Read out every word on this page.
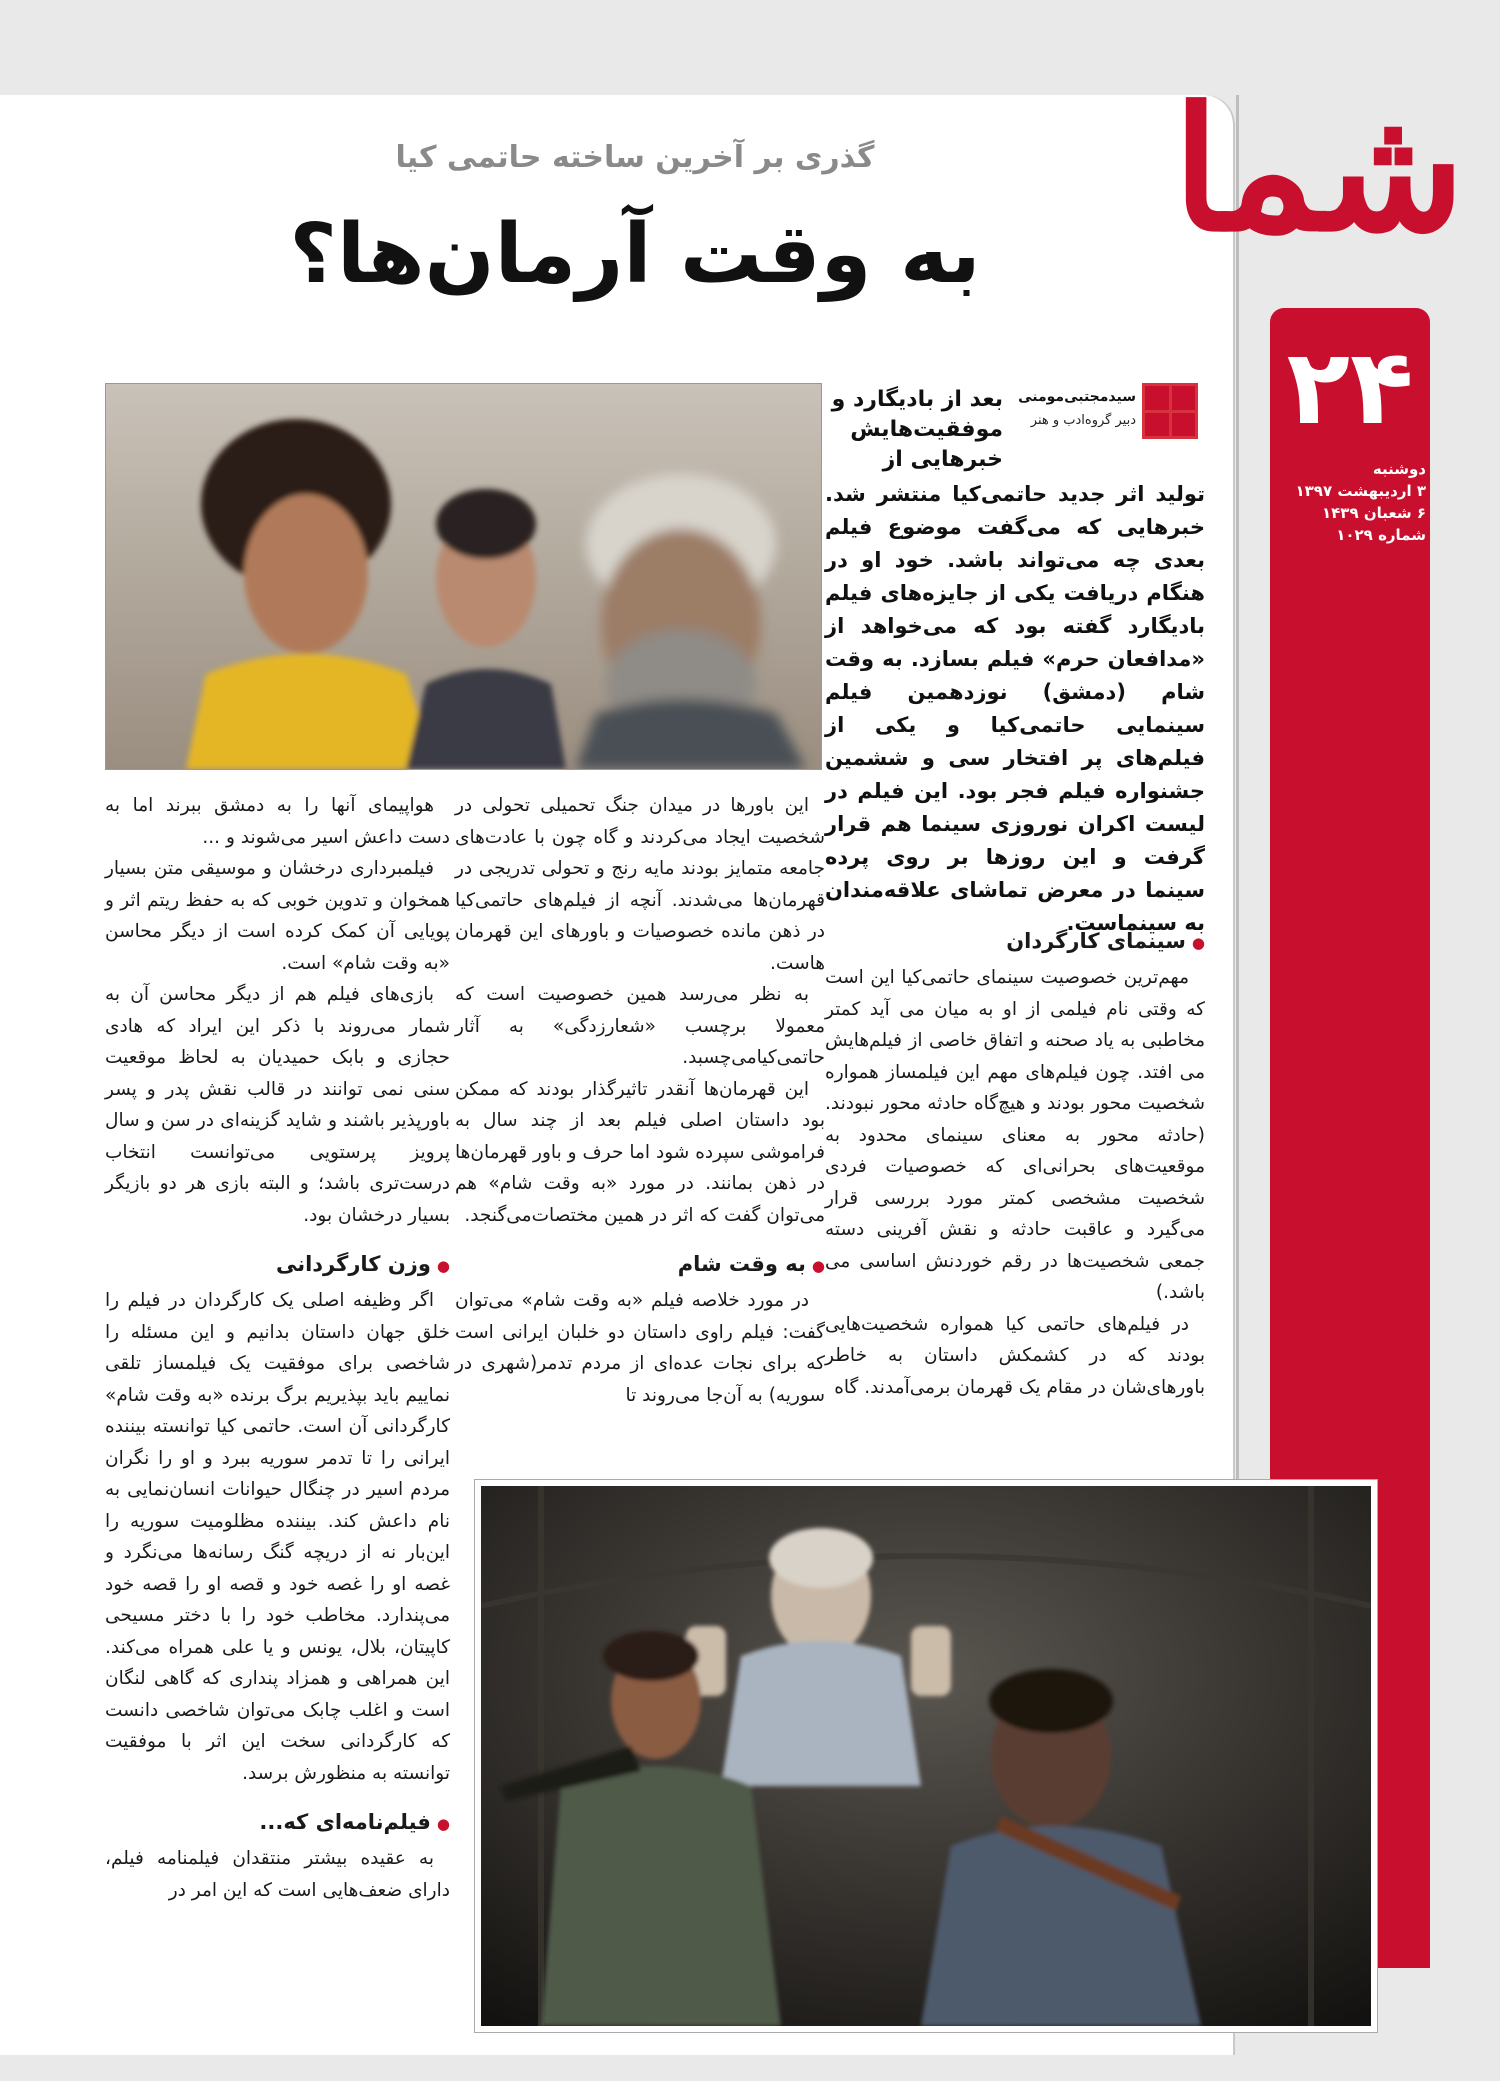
شما
۲۴
دوشنبه
۳ اردیبهشت ۱۳۹۷
۶ شعبان ۱۴۳۹
شماره ۱۰۲۹
گذری بر آخرین ساخته حاتمی کیا
به وقت آرمان‌ها؟
سیدمجتبی‌مومنی
دبیر گروه‌ادب و هنر
بعد از بادیگارد و موفقیت‌هایش خبرهایی از
تولید اثر جدید حاتمی‌کیا منتشر شد. خبرهایی که می‌گفت موضوع فیلم بعدی چه می‌تواند باشد. خود او در هنگام دریافت یکی از جایزه‌های فیلم بادیگارد گفته بود که می‌خواهد از «مدافعان حرم» فیلم بسازد. به وقت شام (دمشق) نوزدهمین فیلم سینمایی حاتمی‌کیا و یکی از فیلم‌های پر افتخار سی و ششمین جشنواره فیلم فجر بود. این فیلم در لیست اکران نوروزی سینما هم قرار گرفت و این روزها بر روی پرده سینما در معرض تماشای علاقه‌مندان به سینماست.
● سینمای کارگردان

مهم‌ترین خصوصیت سینمای حاتمی‌کیا این است که وقتی نام فیلمی از او به میان می آید کمتر مخاطبی به یاد صحنه و اتفاق خاصی از فیلم‌هایش می افتد. چون فیلم‌های مهم این فیلمساز همواره شخصیت محور بودند و هیچ‌گاه حادثه محور نبودند. (حادثه محور به معنای سینمای محدود به موقعیت‌های بحرانی‌ای که خصوصیات فردی شخصیت مشخصی کمتر مورد بررسی قرار می‌گیرد و عاقبت حادثه و نقش آفرینی دسته جمعی شخصیت‌ها در رقم خوردنش اساسی می باشد.)

در فیلم‌های حاتمی کیا همواره شخصیت‌هایی بودند که در کشمکش داستان به خاطر باورهای‌شان در مقام یک قهرمان برمی‌آمدند. گاه

این باورها در میدان جنگ تحمیلی تحولی در شخصیت ایجاد می‌کردند و گاه چون با عادت‌های جامعه متمایز بودند مایه رنج و تحولی تدریجی در قهرمان‌ها می‌شدند. آنچه از فیلم‌های حاتمی‌کیا در ذهن مانده خصوصیات و باورهای این قهرمان هاست.

به نظر می‌رسد همین خصوصیت است که معمولا برچسب «شعارزدگی» به آثار حاتمی‌کیامی‌چسبد.

این قهرمان‌ها آنقدر تاثیرگذار بودند که ممکن بود داستان اصلی فیلم بعد از چند سال به فراموشی سپرده شود اما حرف و باور قهرمان‌ها در ذهن بمانند. در مورد «به وقت شام» هم می‌توان گفت که اثر در همین مختصات‌می‌گنجد.

● به وقت شام

در مورد خلاصه فیلم «به وقت شام» می‌توان گفت: فیلم راوی داستان دو خلبان ایرانی است که برای نجات عده‌ای از مردم تدمر(شهری در سوریه) به آن‌جا می‌روند تا

هواپیمای آنها را به دمشق ببرند اما به دست داعش اسیر می‌شوند و ...

فیلمبرداری درخشان و موسیقی متن بسیار همخوان و تدوین خوبی که به حفظ ریتم اثر و پویایی آن کمک کرده است از دیگر محاسن «به وقت شام» است.

بازی‌های فیلم هم از دیگر محاسن آن به شمار می‌روند با ذکر این ایراد که هادی حجازی و بابک حمیدیان به لحاظ موقعیت سنی نمی توانند در قالب نقش پدر و پسر باورپذیر باشند و شاید گزینه‌ای در سن و سال پرویز پرستویی می‌توانست انتخاب درست‌تری باشد؛ و البته بازی هر دو بازیگر بسیار درخشان بود.

● وزن کارگردانی

اگر وظیفه اصلی یک کارگردان در فیلم را خلق جهان داستان بدانیم و این مسئله را شاخصی برای موفقیت یک فیلمساز تلقی نماییم باید بپذیریم برگ برنده «به وقت شام» کارگردانی آن است. حاتمی کیا توانسته بیننده ایرانی را تا تدمر سوریه ببرد و او را نگران مردم اسیر در چنگال حیوانات انسان‌نمایی به نام داعش کند. بیننده مظلومیت سوریه را این‌بار نه از دریچه گنگ رسانه‌ها می‌نگرد و غصه او را غصه خود و قصه او را قصه خود می‌پندارد. مخاطب خود را با دختر مسیحی کاپیتان، بلال، یونس و یا علی همراه می‌کند. این همراهی و همزاد پنداری که گاهی لنگان است و اغلب چابک می‌توان شاخصی دانست که کارگردانی سخت این اثر با موفقیت توانسته به منظورش برسد.

● فیلم‌نامه‌ای که...

به عقیده بیشتر منتقدان فیلمنامه فیلم، دارای ضعف‌هایی است که این امر در
